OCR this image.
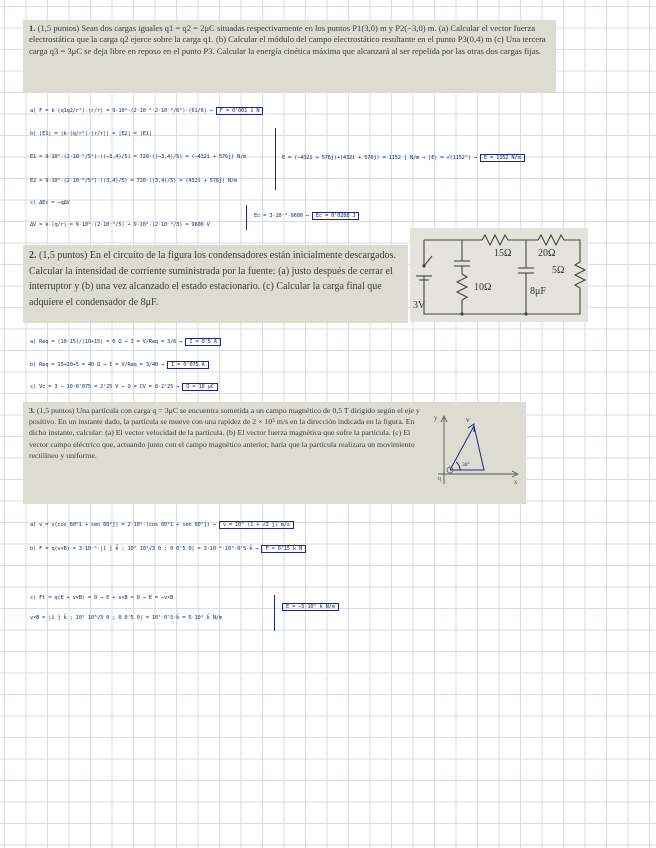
1. (1,5 puntos) Sean dos cargas iguales q1 = q2 = 2μC situadas respectivamente en los puntos P1(3,0) m y P2(−3,0) m. (a) Calcular el vector fuerza electrostática que la carga q2 ejerce sobre la carga q1. (b) Calcular el módulo del campo electrostático resultante en el punto P3(0,4) m (c) Una tercera carga q3 = 3μC se deja libre en reposo en el punto P3. Calcular la energía cinética máxima que alcanzará al ser repelida por las otras dos cargas fijas.
a) F = k·(q1q2/r²)·(r/r) = 9·10⁹·(2·10⁻⁶·2·10⁻⁶/6²)·(6î/6) → F = 0'001 î N
b) |E1| = |k·(q/r²)·(r/r)| = |E2| = |E1|
E1 = 9·10⁹·(2·10⁻⁶/5²)·((−3,4)/5) = 720·((−3,4)/5) = (−432î + 576ĵ) N/m	E = (−432î + 576ĵ)+(432î + 576ĵ) = 1152 ĵ N/m → |E| = √(1152²) → E = 1152 N/m
E2 = 9·10⁹·(2·10⁻⁶/5²)·((3,4)/5) = 720·((3,4)/5) = (432î + 576ĵ) N/m
c) ΔEc = −qΔV
ΔV = k·(q/r) = 9·10⁹·(2·10⁻⁶/5) + 9·10⁹·(2·10⁻⁶/3) = 9600 V
Ec = 3·10⁻⁶·9600 → Ec = 0'0288 J
2. (1,5 puntos) En el circuito de la figura los condensadores están inicialmente descargados. Calcular la intensidad de corriente suministrada por la fuente: (a) justo después de cerrar el interruptor y (b) una vez alcanzado el estado estacionario. (c) Calcular la carga final que adquiere el condensador de 8μF.
15Ω	20Ω
5Ω
10Ω	8μF
3V
a) Req = (10·15)/(10+15) = 6 Ω → I = V/Req = 3/6 → I = 0'5 A
b) Req = 15+20+5 = 40 Ω → I = V/Req = 3/40 → I = 0'075 A
c) Vc = 3 − 10·0'075 = 2'25 V → Q = CV = 8·2'25 → Q = 18 μC
3. (1,5 puntos) Una partícula con carga q = 3μC se encuentra sometida a un campo magnético de 0,5 T dirigido según el eje y positivo. En un instante dado, la partícula se mueve con una rapidez de 2 × 10⁵ m/s en la dirección indicada en la figura. En dicho instante, calcular: (a) El vector velocidad de la partícula. (b) El vector fuerza magnética que sufre la partícula. (c) El vector campo eléctrico que, actuando junto con el campo magnético anterior, haría que la partícula realizara un movimiento rectilíneo y uniforme.
y
x
v
30°
q
a) v = v(cos 60°î + sen 60°ĵ) = 2·10⁵·(cos 60°î + sen 60°ĵ) → v = 10⁵ (î + √3 ĵ) m/s
b) F = q(v×B) = 3·10⁻⁶·|î ĵ k̂ ; 10⁵ 10⁵√3 0 ; 0 0'5 0| = 3·10⁻⁶·10⁵·0'5·k̂ → F = 0'15 k̂ N
c) Ft = q(E + v×B) = 0 → E + v×B = 0 → E = −v×B
v×B = |î ĵ k̂ ; 10⁵ 10⁵√3 0 ; 0 0'5 0| = 10⁵·0'5·k̂ = 5·10⁴ k̂ N/m
E = −5·10⁴ k̂ N/m
